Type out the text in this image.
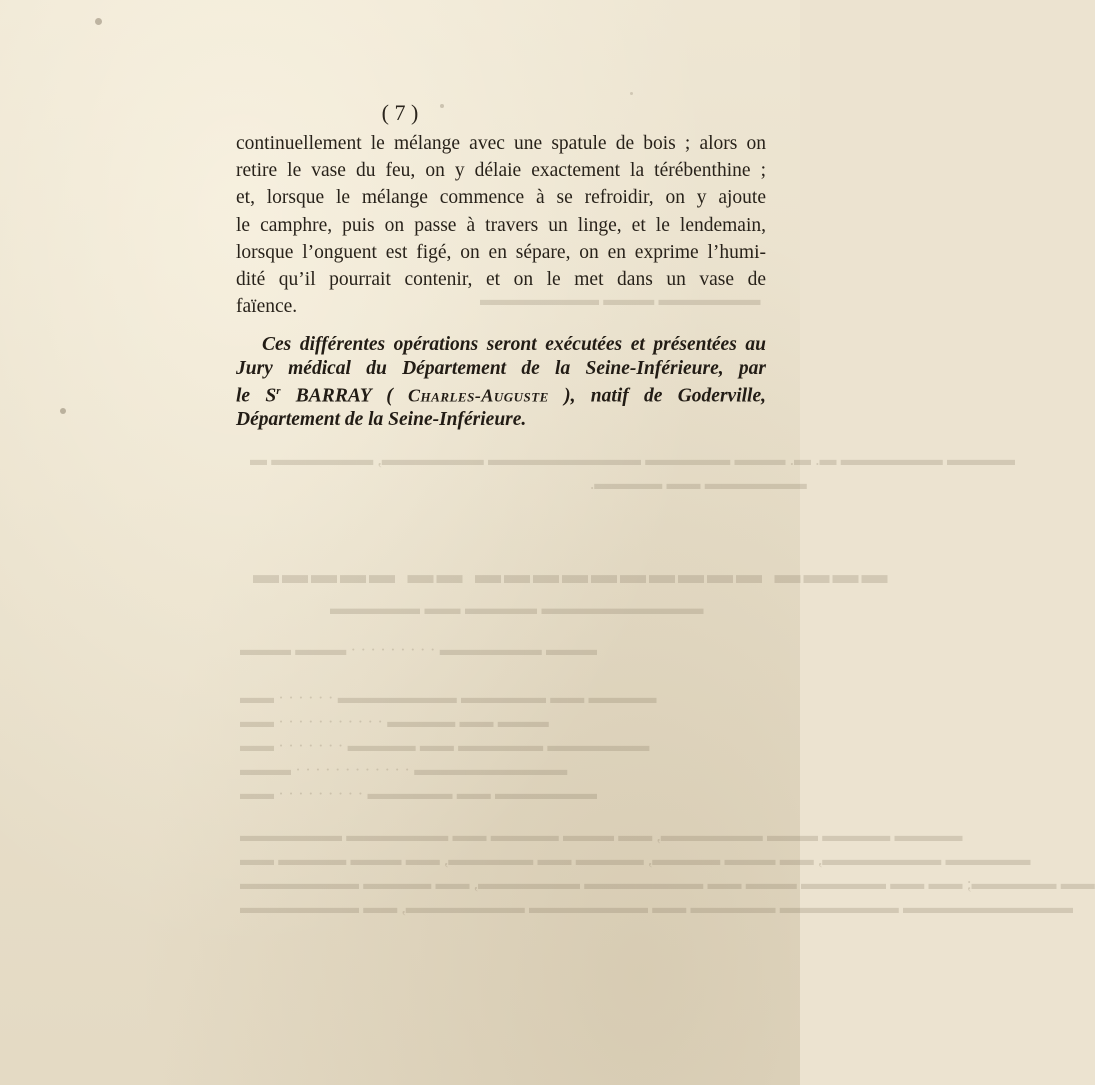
▬▬▬▬ ▬▬▬▬▬▬▬▬▬▬ ▬▬ ▬▬▬▬▬
▬▬▬▬▬▬▬▬▬ ▬▬▬▬ ▬▬ ▬▬▬▬▬
▬▬▬ ▬▬▬▬▬▬ · · · · · · · · · ▬▬▬ ▬▬▬
▬▬▬▬ ▬▬ ▬▬▬▬▬ ▬▬▬▬▬▬▬ · · · · · · ▬▬
▬▬▬ ▬▬ ▬▬▬▬ · · · · · · · · · · · ▬▬
▬▬▬▬▬▬ ▬▬▬▬▬ ▬▬ ▬▬▬▬ · · · · · · · ▬▬
▬▬▬▬▬▬▬▬▬ · · · · · · · · · · · · ▬▬▬
▬▬▬▬▬▬ ▬▬ ▬▬▬▬▬ · · · · · · · · · ▬▬
▬▬▬▬ ▬▬▬▬ ▬▬▬ ▬▬▬▬▬▬, ▬▬ ▬▬▬ ▬▬▬▬ ▬▬ ▬▬▬▬▬▬ ▬▬▬▬▬▬
▬▬▬▬▬ ▬▬▬▬▬▬▬, ▬▬ ▬▬▬ ▬▬▬▬, ▬▬▬▬ ▬▬ ▬▬▬▬▬, ▬▬ ▬▬▬ ▬▬▬▬ ▬▬
▬▬ ▬▬▬▬▬; ▬▬ ▬▬ ▬▬▬▬▬ ▬▬▬ ▬▬ ▬▬▬▬▬▬▬ ▬▬▬▬▬▬, ▬▬ ▬▬▬▬ ▬▬▬▬▬▬▬
▬▬▬▬▬▬▬▬▬▬ ▬▬▬▬▬▬▬ ▬▬▬▬▬ ▬▬ ▬▬▬▬▬▬▬ ▬▬▬▬▬▬▬, ▬▬ ▬▬▬▬▬▬▬
▬▬▬▬▬▬ ▬▬▬ ▬▬▬▬▬▬▬
▬▬▬▬ ▬▬▬▬▬▬ ▬. ▬. ▬▬▬ ▬▬▬▬▬ ▬▬▬▬▬▬▬▬▬ ▬▬▬▬▬▬, ▬▬▬▬▬▬ ▬
▬▬▬▬▬▬ ▬▬ ▬▬▬▬.
( 7 )
continuellement le mélange avec une spatule de bois ; alors on
retire le vase du feu, on y délaie exactement la térébenthine ;
et, lorsque le mélange commence à se refroidir, on y ajoute
le camphre, puis on passe à travers un linge, et le lendemain,
lorsque l’onguent est figé, on en sépare, on en exprime l’humi-
dité qu’il pourrait contenir, et on le met dans un vase de
faïence.
Ces différentes opérations seront exécutées et présentées au
Jury médical du Département de la Seine-Inférieure, par
le $S^r$ BARRAY ( Charles-Auguste ), natif de Goderville,
Département de la Seine-Inférieure.
